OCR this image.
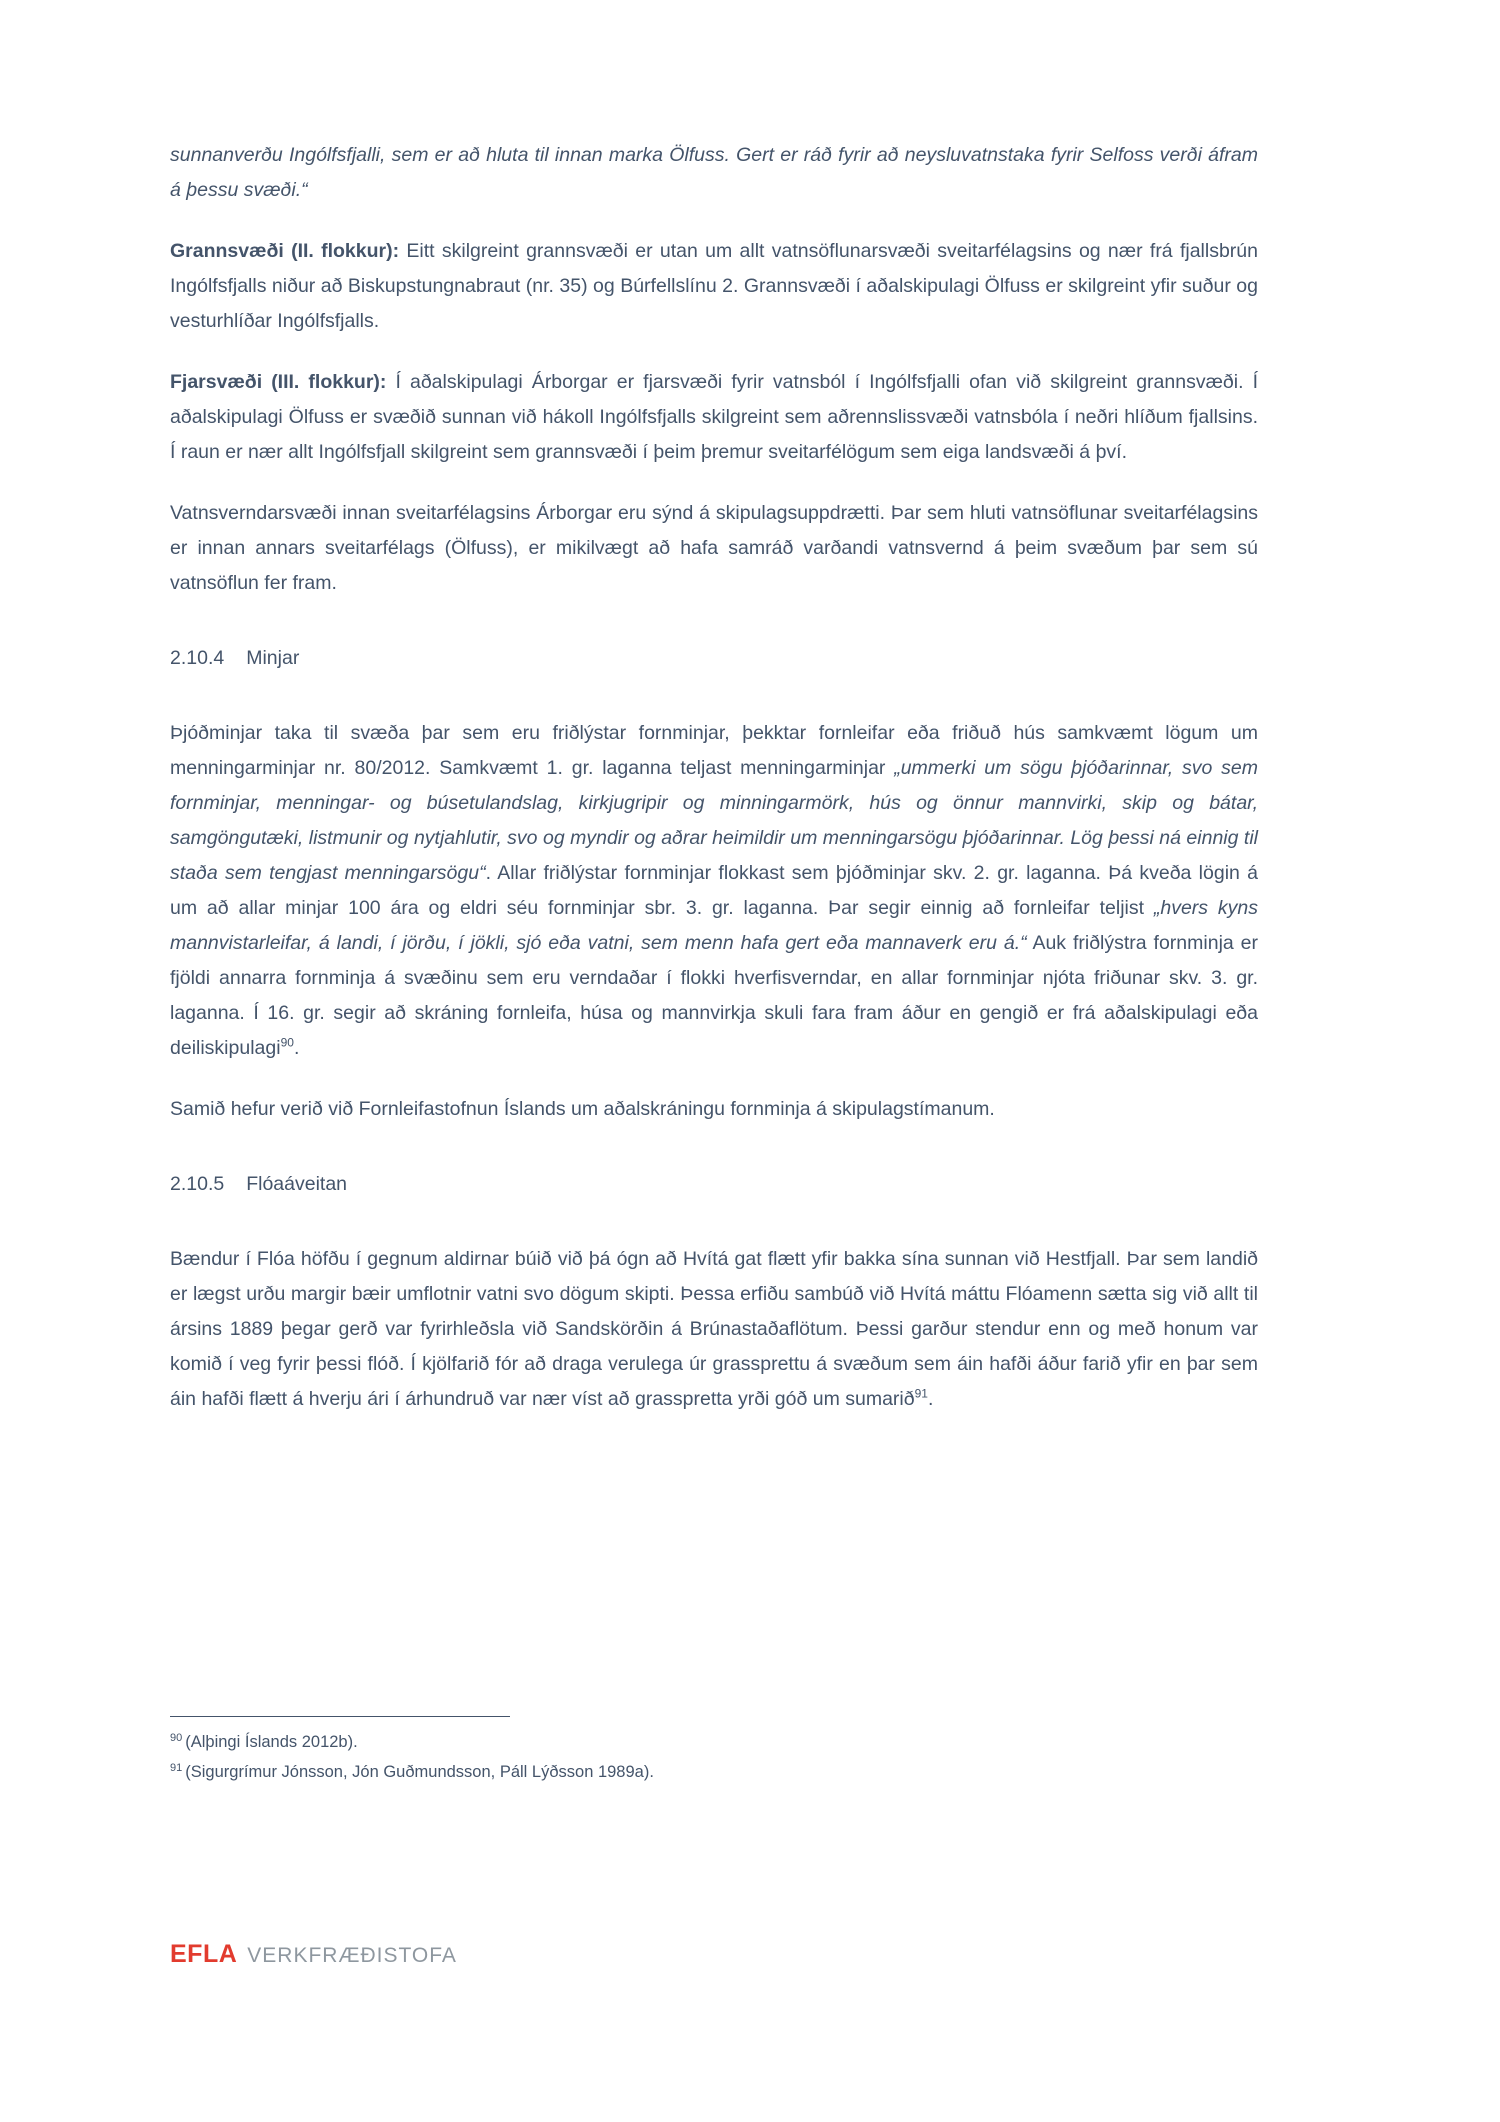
sunnanverðu Ingólfsfjalli, sem er að hluta til innan marka Ölfuss. Gert er ráð fyrir að neysluvatnstaka fyrir Selfoss verði áfram á þessu svæði.“

Grannsvæði (II. flokkur): Eitt skilgreint grannsvæði er utan um allt vatnsöflunarsvæði sveitarfélagsins og nær frá fjallsbrún Ingólfsfjalls niður að Biskupstungnabraut (nr. 35) og Búrfellslínu 2. Grannsvæði í aðalskipulagi Ölfuss er skilgreint yfir suður og vesturhlíðar Ingólfsfjalls.

Fjarsvæði (III. flokkur): Í aðalskipulagi Árborgar er fjarsvæði fyrir vatnsból í Ingólfsfjalli ofan við skilgreint grannsvæði. Í aðalskipulagi Ölfuss er svæðið sunnan við hákoll Ingólfsfjalls skilgreint sem aðrennslissvæði vatnsbóla í neðri hlíðum fjallsins. Í raun er nær allt Ingólfsfjall skilgreint sem grannsvæði í þeim þremur sveitarfélögum sem eiga landsvæði á því.

Vatnsverndarsvæði innan sveitarfélagsins Árborgar eru sýnd á skipulagsuppdrætti. Þar sem hluti vatnsöflunar sveitarfélagsins er innan annars sveitarfélags (Ölfuss), er mikilvægt að hafa samráð varðandi vatnsvernd á þeim svæðum þar sem sú vatnsöflun fer fram.

2.10.4 Minjar

Þjóðminjar taka til svæða þar sem eru friðlýstar fornminjar, þekktar fornleifar eða friðuð hús samkvæmt lögum um menningarminjar nr. 80/2012. Samkvæmt 1. gr. laganna teljast menningarminjar „ummerki um sögu þjóðarinnar, svo sem fornminjar, menningar- og búsetulandslag, kirkjugripir og minningarmörk, hús og önnur mannvirki, skip og bátar, samgöngutæki, listmunir og nytjahlutir, svo og myndir og aðrar heimildir um menningarsögu þjóðarinnar. Lög þessi ná einnig til staða sem tengjast menningarsögu“. Allar friðlýstar fornminjar flokkast sem þjóðminjar skv. 2. gr. laganna. Þá kveða lögin á um að allar minjar 100 ára og eldri séu fornminjar sbr. 3. gr. laganna. Þar segir einnig að fornleifar teljist „hvers kyns mannvistarleifar, á landi, í jörðu, í jökli, sjó eða vatni, sem menn hafa gert eða mannaverk eru á.“ Auk friðlýstra fornminja er fjöldi annarra fornminja á svæðinu sem eru verndaðar í flokki hverfisverndar, en allar fornminjar njóta friðunar skv. 3. gr. laganna. Í 16. gr. segir að skráning fornleifa, húsa og mannvirkja skuli fara fram áður en gengið er frá aðalskipulagi eða deiliskipulagi$^{90}$.

Samið hefur verið við Fornleifastofnun Íslands um aðalskráningu fornminja á skipulagstímanum.

2.10.5 Flóaáveitan

Bændur í Flóa höfðu í gegnum aldirnar búið við þá ógn að Hvítá gat flætt yfir bakka sína sunnan við Hestfjall. Þar sem landið er lægst urðu margir bæir umflotnir vatni svo dögum skipti. Þessa erfiðu sambúð við Hvítá máttu Flóamenn sætta sig við allt til ársins 1889 þegar gerð var fyrirhleðsla við Sandskörðin á Brúnastaðaflötum. Þessi garður stendur enn og með honum var komið í veg fyrir þessi flóð. Í kjölfarið fór að draga verulega úr grassprettu á svæðum sem áin hafði áður farið yfir en þar sem áin hafði flætt á hverju ári í árhundruð var nær víst að grasspretta yrði góð um sumarið$^{91}$.

$^{90}$ (Alþingi Íslands 2012b).
$^{91}$ (Sigurgrímur Jónsson, Jón Guðmundsson, Páll Lýðsson 1989a).
EFLA VERKFRÆÐISTOFA
